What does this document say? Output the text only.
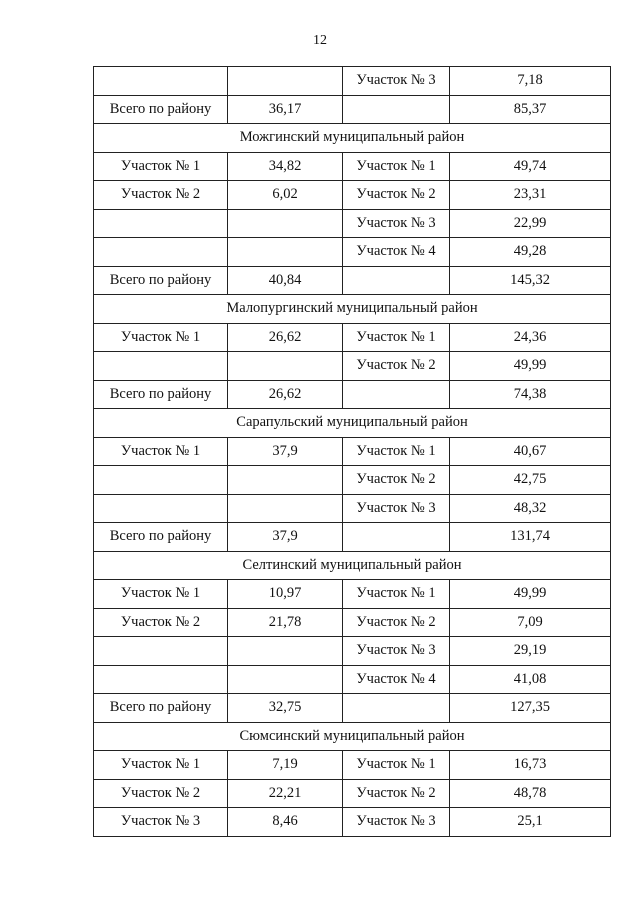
12
		Участок № 3	7,18
Всего по району	36,17		85,37
Можгинский муниципальный район			
Участок № 1	34,82	Участок № 1	49,74
Участок № 2	6,02	Участок № 2	23,31
		Участок № 3	22,99
		Участок № 4	49,28
Всего по району	40,84		145,32
Малопургинский муниципальный район			
Участок № 1	26,62	Участок № 1	24,36
		Участок № 2	49,99
Всего по району	26,62		74,38
Сарапульский муниципальный район			
Участок № 1	37,9	Участок № 1	40,67
		Участок № 2	42,75
		Участок № 3	48,32
Всего по району	37,9		131,74
Селтинский муниципальный район			
Участок № 1	10,97	Участок № 1	49,99
Участок № 2	21,78	Участок № 2	7,09
		Участок № 3	29,19
		Участок № 4	41,08
Всего по району	32,75		127,35
Сюмсинский муниципальный район			
Участок № 1	7,19	Участок № 1	16,73
Участок № 2	22,21	Участок № 2	48,78
Участок № 3	8,46	Участок № 3	25,1
